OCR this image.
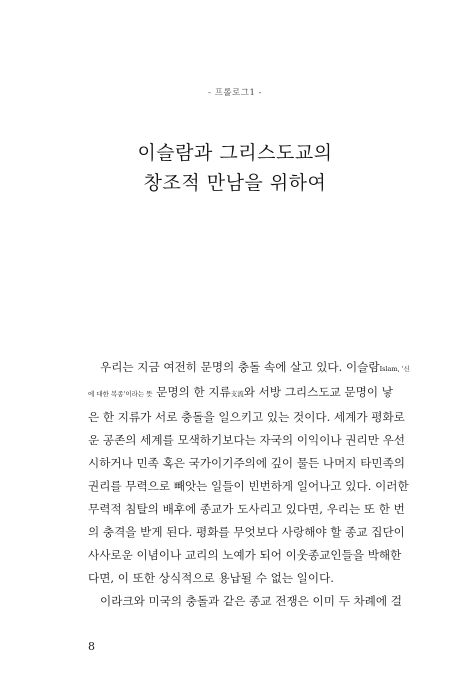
- 프롤로그1 -
이슬람과 그리스도교의
창조적 만남을 위하여
우리는 지금 여전히 문명의 충돌 속에 살고 있다. 이슬람Islam, '신
에 대한 복종'이라는 뜻 문명의 한 지류支流와 서방 그리스도교 문명이 낳
은 한 지류가 서로 충돌을 일으키고 있는 것이다. 세계가 평화로
운 공존의 세계를 모색하기보다는 자국의 이익이나 권리만 우선
시하거나 민족 혹은 국가이기주의에 깊이 물든 나머지 타민족의
권리를 무력으로 빼앗는 일들이 빈번하게 일어나고 있다. 이러한
무력적 침탈의 배후에 종교가 도사리고 있다면, 우리는 또 한 번
의 충격을 받게 된다. 평화를 무엇보다 사랑해야 할 종교 집단이
사사로운 이념이나 교리의 노예가 되어 이웃종교인들을 박해한
다면, 이 또한 상식적으로 용납될 수 없는 일이다.
이라크와 미국의 충돌과 같은 종교 전쟁은 이미 두 차례에 걸
8
